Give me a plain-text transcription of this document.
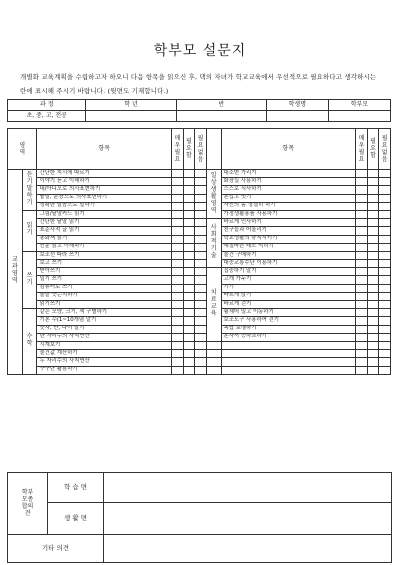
학부모 설문지
개별화 교육계획을 수립하고자 하오니 다음 항목을 읽으신 후, 댁의 자녀가 학교교육에서 우선적으로 필요하다고 생각하시는 란에 표시해 주시기 바랍니다. (뒷면도 기재합니다.)
과 정	학 년	반	학생명	학부모
초, 중, 고, 전공				
영역		항목	매우필요	필요함	필요없음		항목	매우필요	필요함	필요없음
교과영역	듣기말하기	간단한 지시에 따르기				일상생활영역	대소변 가리기			
		이야기 듣고 이해하기					화장실 사용하기			
		네/아니오로 의사표현하기					스스로 식사하기			
		낱말, 문장으로 의사표현하기					혼입고 벗기			
		정확한 발음으로 말하기					자신의 몸 청결히 하기			
	읽기	그림/낱말카드 읽기					가정생활용품 사용하기			
		간단한 낱말 읽기				사회적기술	바르게 인사하기			
		표준사적 글 읽기					친구들과 어울리기			
		동화책 읽기					학교생활의 규칙지키기			
		신문 읽고 이해하기					예절바른 태도 익히기			
	쓰기	보조선 따라 쓰기					물건 구매하기			
		보고 쓰기					대중교통수단 이용하기			
		받아쓰기				치료교육	집중하기 알기			
		일기 쓰기					고개 가누기			
		컴퓨터로 쓰기					기기			
		줄을 긋는지하기					바르게 앉기			
		읽기쓰기					바르게 걷기			
	수학	같은 모양, 크기, 색 구별하기					휠체어 밀고 이동하기			
		기본 수(1~10개념 알기					보조도구 사용하여 걷기			
		숫자, 반, 나이 알기					독립 보행하기			
		한 자리수의 사칙연산					혼자서 등하교하기			
		시계보기								
		물건값 계산하기								
		두 자리수의 사칙연산								
		구구단 활용하기								
학부모종합의견	학 습 면	
	생 활 면	
기타 의견		
